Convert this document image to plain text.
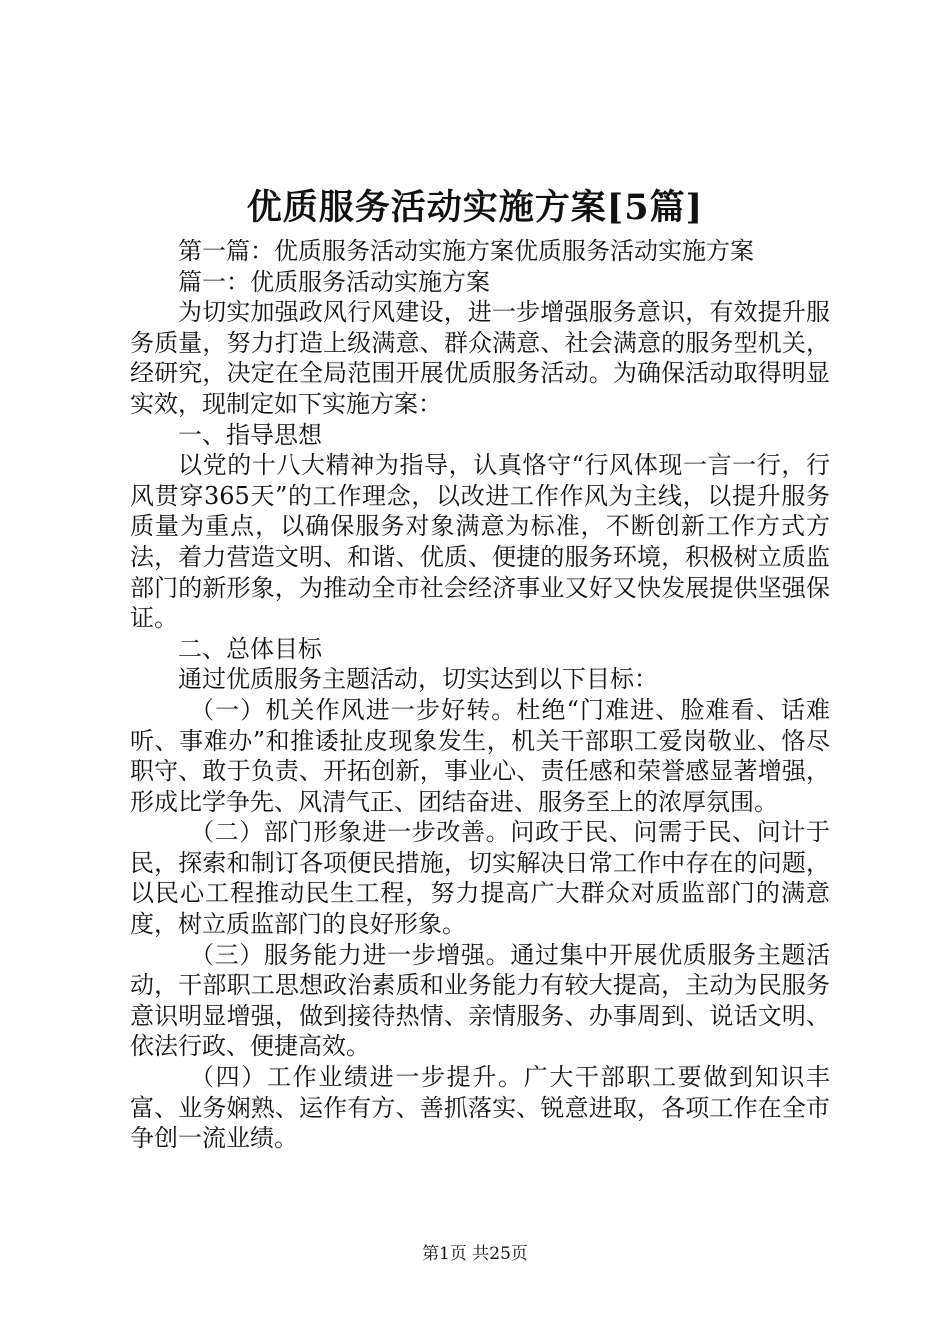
优质服务活动实施方案[5篇]

第一篇：优质服务活动实施方案优质服务活动实施方案

篇一：优质服务活动实施方案

为切实加强政风行风建设，进一步增强服务意识，有效提升服务质量，努力打造上级满意、群众满意、社会满意的服务型机关，经研究，决定在全局范围开展优质服务活动。为确保活动取得明显实效，现制定如下实施方案：

一、指导思想

以党的十八大精神为指导，认真恪守“行风体现一言一行，行风贯穿365天”的工作理念，以改进工作作风为主线，以提升服务质量为重点，以确保服务对象满意为标准，不断创新工作方式方法，着力营造文明、和谐、优质、便捷的服务环境，积极树立质监部门的新形象，为推动全市社会经济事业又好又快发展提供坚强保证。

二、总体目标

通过优质服务主题活动，切实达到以下目标：

（一）机关作风进一步好转。杜绝“门难进、脸难看、话难听、事难办”和推诿扯皮现象发生，机关干部职工爱岗敬业、恪尽职守、敢于负责、开拓创新，事业心、责任感和荣誉感显著增强，形成比学争先、风清气正、团结奋进、服务至上的浓厚氛围。

（二）部门形象进一步改善。问政于民、问需于民、问计于民，探索和制订各项便民措施，切实解决日常工作中存在的问题，以民心工程推动民生工程，努力提高广大群众对质监部门的满意度，树立质监部门的良好形象。

（三）服务能力进一步增强。通过集中开展优质服务主题活动，干部职工思想政治素质和业务能力有较大提高，主动为民服务意识明显增强，做到接待热情、亲情服务、办事周到、说话文明、依法行政、便捷高效。

（四）工作业绩进一步提升。广大干部职工要做到知识丰富、业务娴熟、运作有方、善抓落实、锐意进取，各项工作在全市争创一流业绩。

第1页 共25页
